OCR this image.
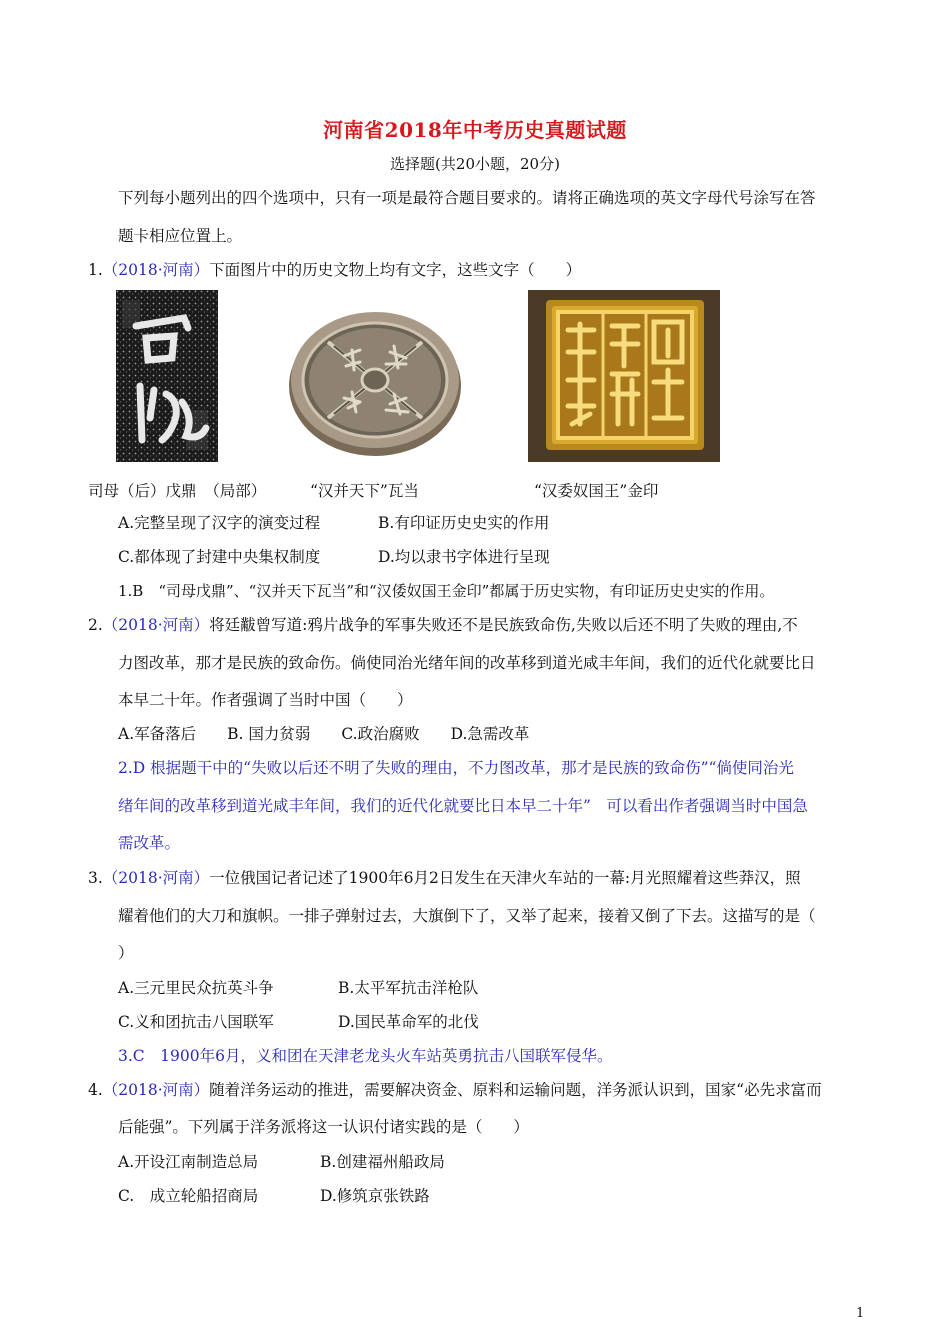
河南省2018年中考历史真题试题
选择题(共20小题，20分)
下列每小题列出的四个选项中，只有一项是最符合题目要求的。请将正确选项的英文字母代号涂写在答
题卡相应位置上。
1.（2018·河南）下面图片中的历史文物上均有文字，这些文字（　　）
司母（后）戊鼎　（局部）	“汉并天下”瓦当	“汉委奴国王”金印
A.完整呈现了汉字的演变过程	B.有印证历史史实的作用
C.都体现了封建中央集权制度	D.均以隶书字体进行呈现
1.B　“司母戊鼎”、“汉并天下瓦当”和“汉倭奴国王金印”都属于历史实物，有印证历史史实的作用。
2.（2018·河南）将廷黻曾写道:鸦片战争的军事失败还不是民族致命伤,失败以后还不明了失败的理由,不
力图改革，那才是民族的致命伤。倘使同治光绪年间的改革移到道光咸丰年间，我们的近代化就要比日
本早二十年。作者强调了当时中国（　　）
A.军备落后　　B. 国力贫弱　　C.政治腐败　　D.急需改革
2.D 根据题干中的“失败以后还不明了失败的理由，不力图改革，那才是民族的致命伤”“倘使同治光
绪年间的改革移到道光咸丰年间，我们的近代化就要比日本早二十年”　可以看出作者强调当时中国急
需改革。
3.（2018·河南）一位俄国记者记述了1900年6月2日发生在天津火车站的一幕:月光照耀着这些莽汉，照
耀着他们的大刀和旗帜。一排子弹射过去，大旗倒下了，又举了起来，接着又倒了下去。这描写的是（
）
A.三元里民众抗英斗争	B.太平军抗击洋枪队
C.义和团抗击八国联军	D.国民革命军的北伐
3.C　1900年6月，义和团在天津老龙头火车站英勇抗击八国联军侵华。
4.（2018·河南）随着洋务运动的推进，需要解决资金、原料和运输问题，洋务派认识到，国家“必先求富而
后能强”。下列属于洋务派将这一认识付诸实践的是（　　）
A.开设江南制造总局	B.创建福州船政局
C.　成立轮船招商局	D.修筑京张铁路
1
